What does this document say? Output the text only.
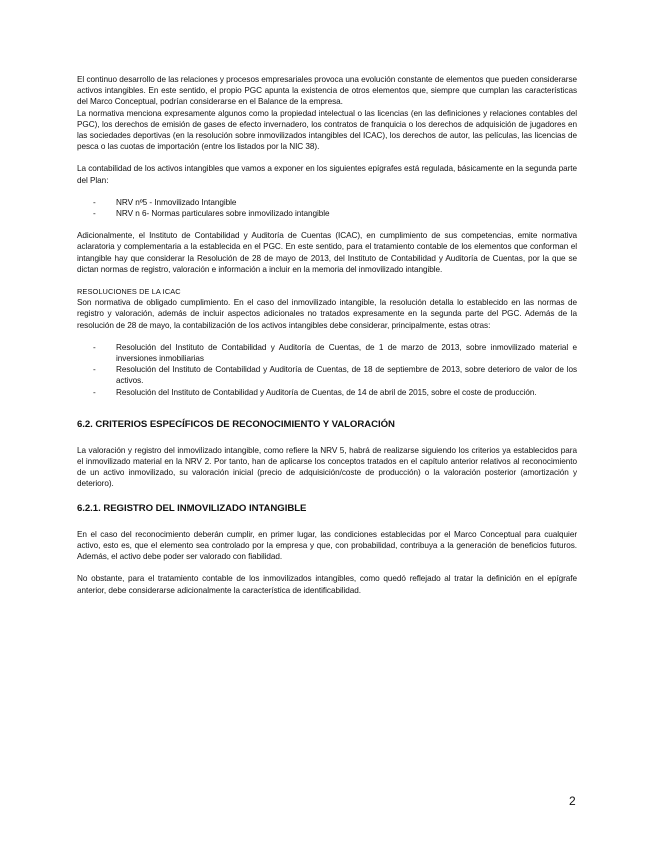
El continuo desarrollo de las relaciones y procesos empresariales provoca una evolución constante de elementos que pueden considerarse activos intangibles. En este sentido, el propio PGC apunta la existencia de otros elementos que, siempre que cumplan las características del Marco Conceptual, podrían considerarse en el Balance de la empresa.

La normativa menciona expresamente algunos como la propiedad intelectual o las licencias (en las definiciones y relaciones contables del PGC), los derechos de emisión de gases de efecto invernadero, los contratos de franquicia o los derechos de adquisición de jugadores en las sociedades deportivas (en la resolución sobre inmovilizados intangibles del ICAC), los derechos de autor, las películas, las licencias de pesca o las cuotas de importación (entre los listados por la NIC 38).

La contabilidad de los activos intangibles que vamos a exponer en los siguientes epígrafes está regulada, básicamente en la segunda parte del Plan:

- NRV nº5 - Inmovilizado Intangible
- NRV n 6- Normas particulares sobre inmovilizado intangible

Adicionalmente, el Instituto de Contabilidad y Auditoría de Cuentas (ICAC), en cumplimiento de sus competencias, emite normativa aclaratoria y complementaria a la establecida en el PGC. En este sentido, para el tratamiento contable de los elementos que conforman el intangible hay que considerar la Resolución de 28 de mayo de 2013, del Instituto de Contabilidad y Auditoría de Cuentas, por la que se dictan normas de registro, valoración e información a incluir en la memoria del inmovilizado intangible.

RESOLUCIONES DE LA ICAC

Son normativa de obligado cumplimiento. En el caso del inmovilizado intangible, la resolución detalla lo establecido en las normas de registro y valoración, además de incluir aspectos adicionales no tratados expresamente en la segunda parte del PGC. Además de la resolución de 28 de mayo, la contabilización de los activos intangibles debe considerar, principalmente, estas otras:

- Resolución del Instituto de Contabilidad y Auditoría de Cuentas, de 1 de marzo de 2013, sobre inmovilizado material e inversiones inmobiliarias
- Resolución del Instituto de Contabilidad y Auditoría de Cuentas, de 18 de septiembre de 2013, sobre deterioro de valor de los activos.
- Resolución del Instituto de Contabilidad y Auditoría de Cuentas, de 14 de abril de 2015, sobre el coste de producción.
6.2. CRITERIOS ESPECÍFICOS DE RECONOCIMIENTO Y VALORACIÓN

La valoración y registro del inmovilizado intangible, como refiere la NRV 5, habrá de realizarse siguiendo los criterios ya establecidos para el inmovilizado material en la NRV 2. Por tanto, han de aplicarse los conceptos tratados en el capítulo anterior relativos al reconocimiento de un activo inmovilizado, su valoración inicial (precio de adquisición/coste de producción) o la valoración posterior (amortización y deterioro).

6.2.1. REGISTRO DEL INMOVILIZADO INTANGIBLE

En el caso del reconocimiento deberán cumplir, en primer lugar, las condiciones establecidas por el Marco Conceptual para cualquier activo, esto es, que el elemento sea controlado por la empresa y que, con probabilidad, contribuya a la generación de beneficios futuros. Además, el activo debe poder ser valorado con fiabilidad.

No obstante, para el tratamiento contable de los inmovilizados intangibles, como quedó reflejado al tratar la definición en el epígrafe anterior, debe considerarse adicionalmente la característica de identificabilidad.

2
